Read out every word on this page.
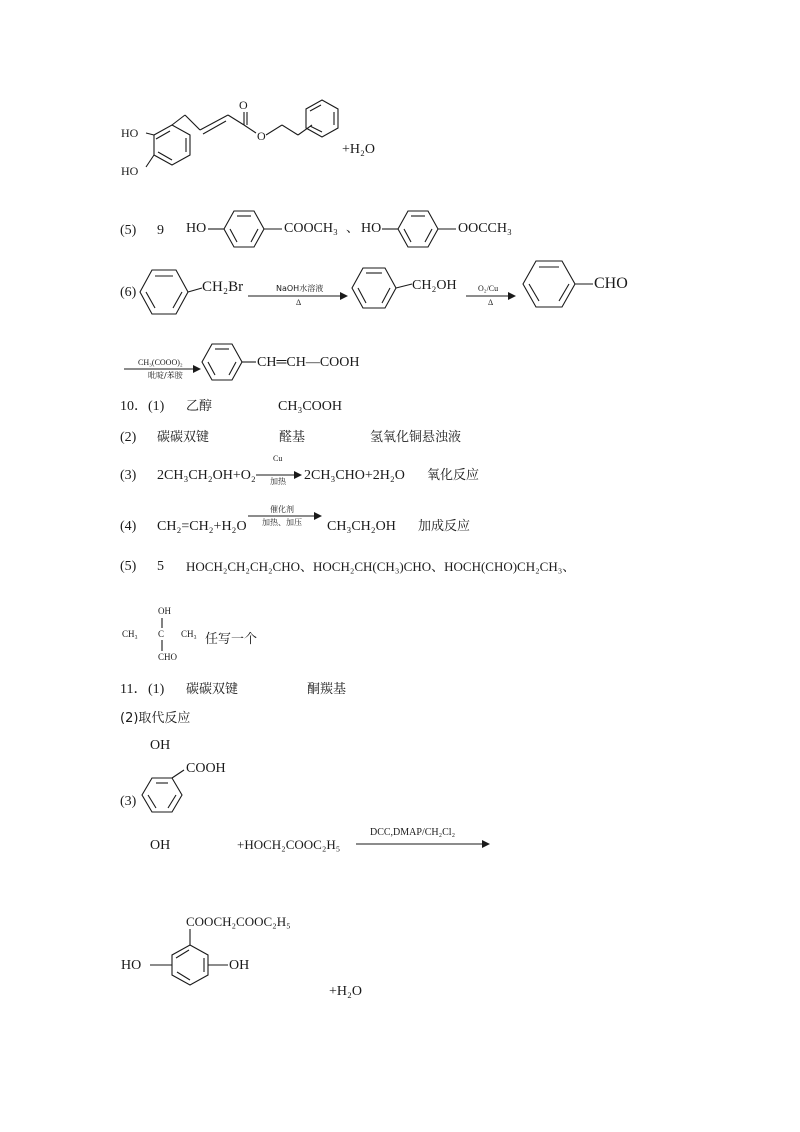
HO
HO
O
O
+H₂O
(5) 9 HO	COOCH₃ 、 HO	OOCCH₃
(6)	CH₂Br	NaOH水溶液
Δ
CH₂OH	O₂/Cu
Δ
CHO
CH₃(COOO)₂
吡啶/苯胺
CH═CH—COOH
10． (1) 乙醇	CH₃COOH
(2) 碳碳双键	醛基	氢氧化铜悬浊液
(3) 2CH₃CH₂OH+O₂
Cu
加热 2CH₃CHO+2H₂O 氧化反应
(4) CH₂=CH₂+H₂O
催化剂
加热、加压 CH₃CH₂OH 加成反应
(5) 5 HOCH₂CH₂CH₂CHO、HOCH₂CH(CH₃)CHO、HOCH(CHO)CH₂CH₃、
OH
CH₃ C CH₃
CHO
任写一个
11． (1) 碳碳双键	酮羰基
(2)取代反应
OH
COOH
(3)
OH	+HOCH₂COOC₂H₅
DCC,DMAP/CH₂Cl₂
COOCH₂COOC₂H₅
HO	OH
+H₂O
